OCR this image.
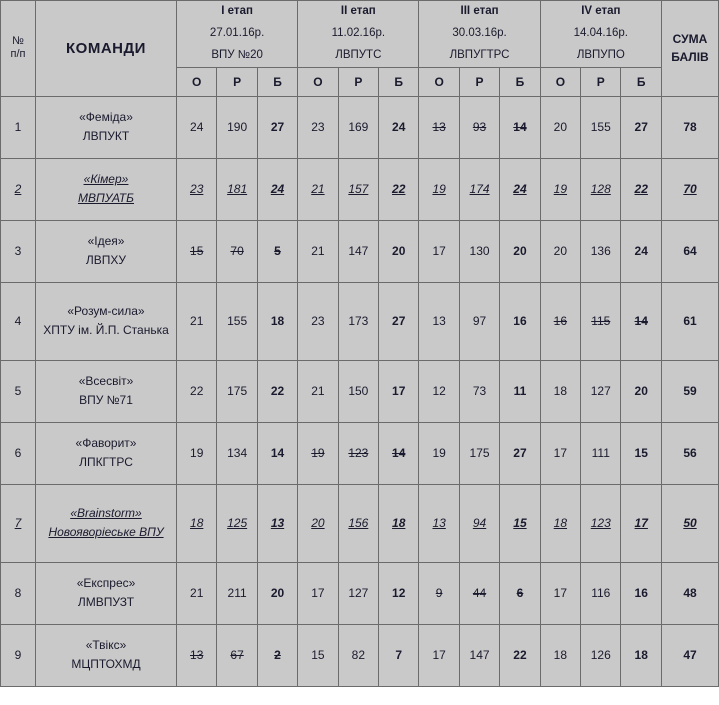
№
п/п	КОМАНДИ	I етап
27.01.16р.
ВПУ №20			II етап
11.02.16р.
ЛВПУТС			III етап
30.03.16р.
ЛВПУГТРС			IV етап
14.04.16р.
ЛВПУПО			СУМА
БАЛІВ
		О	Р	Б	О	Р	Б	О	Р	Б	О	Р	Б	
1	«Феміда»
ЛВПУКТ	24	190	27	23	169	24	13	93	14	20	155	27	78
2	«Кімер»
МВПУАТБ	23	181	24	21	157	22	19	174	24	19	128	22	70
3	«Ідея»
ЛВПХУ	15	70	5	21	147	20	17	130	20	20	136	24	64
4	«Розум-сила»
ХПТУ ім. Й.П. Станька	21	155	18	23	173	27	13	97	16	16	115	14	61
5	«Всесвіт»
ВПУ №71	22	175	22	21	150	17	12	73	11	18	127	20	59
6	«Фаворит»
ЛПКГТРС	19	134	14	19	123	14	19	175	27	17	111	15	56
7	«Brainstorm»
Новояворіеське ВПУ	18	125	13	20	156	18	13	94	15	18	123	17	50
8	«Експрес»
ЛМВПУЗТ	21	211	20	17	127	12	9	44	6	17	116	16	48
9	«Твікс»
МЦПТОХМД	13	67	2	15	82	7	17	147	22	18	126	18	47
